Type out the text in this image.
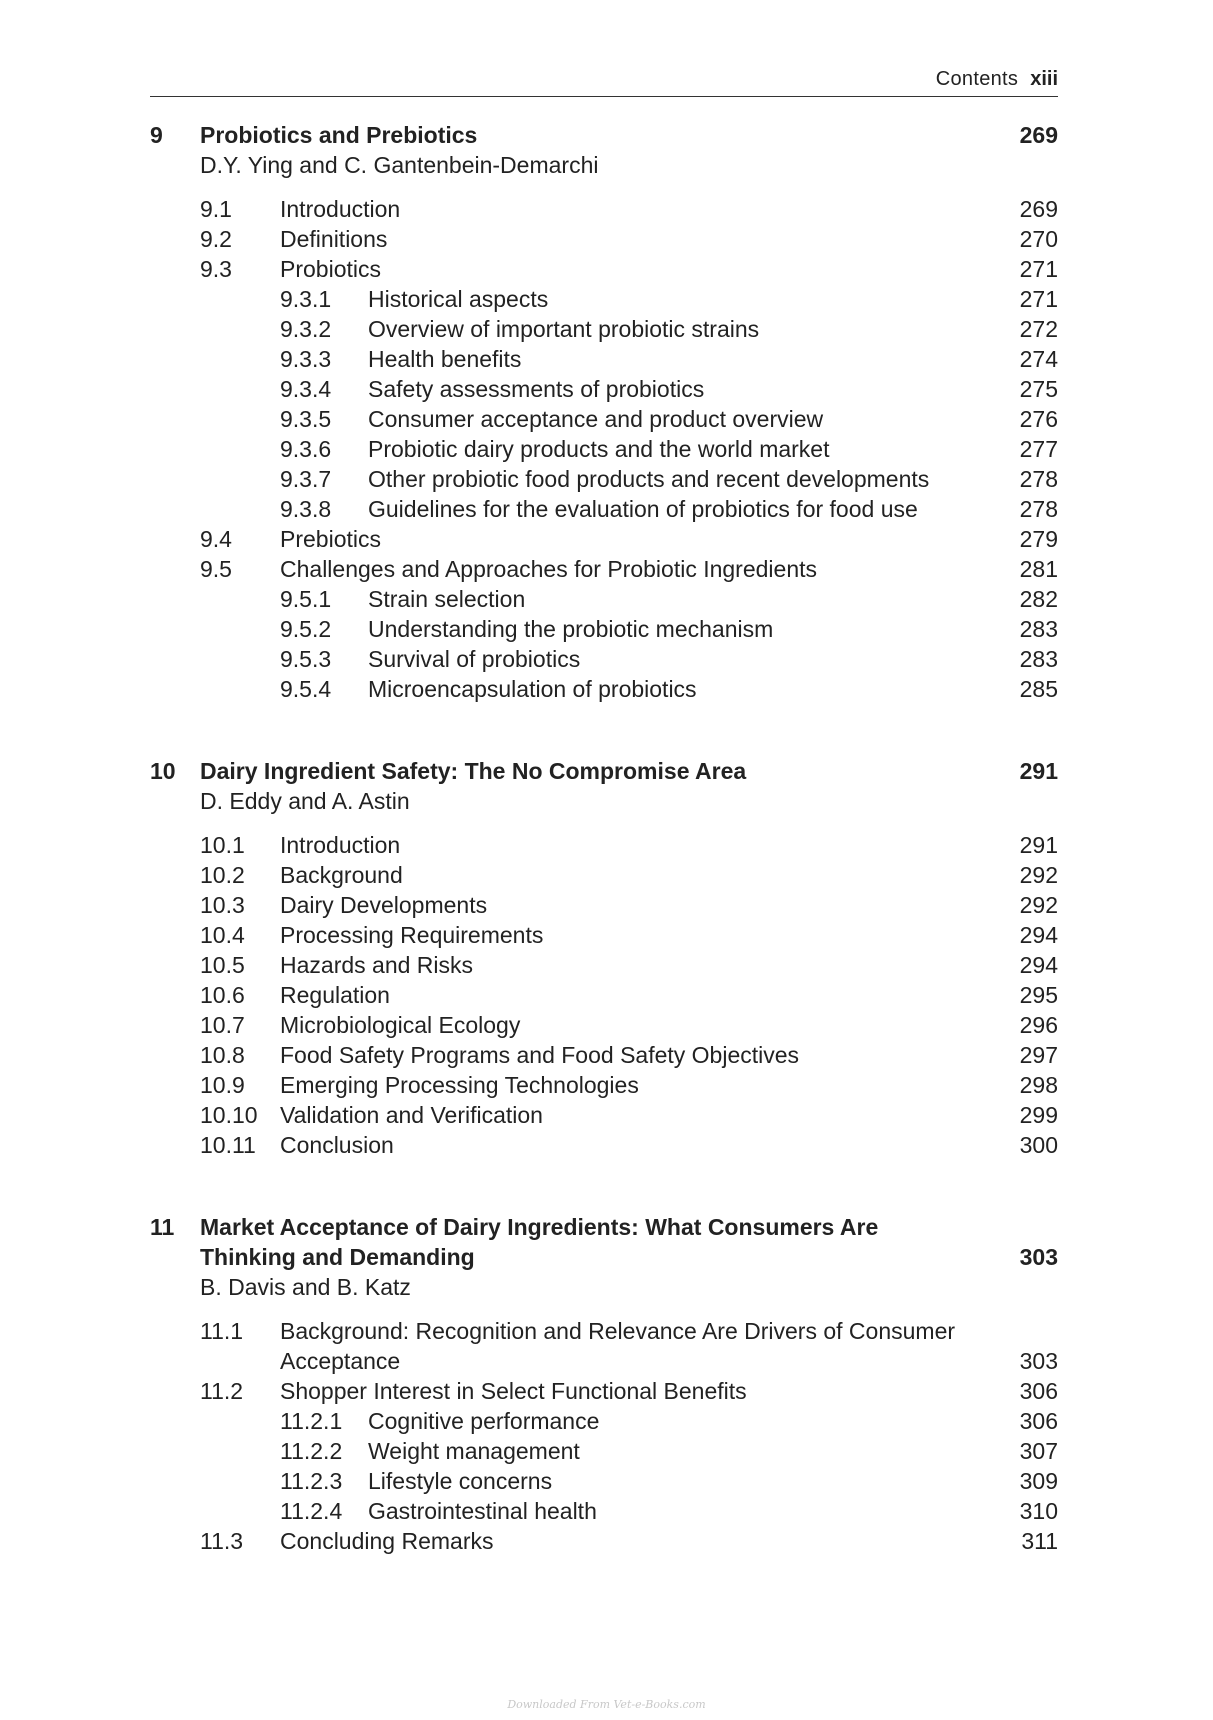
Contents xiii
9 Probiotics and Prebiotics	269
D.Y. Ying and C. Gantenbein-Demarchi
9.1 Introduction	269
9.2 Definitions	270
9.3 Probiotics	271
9.3.1 Historical aspects	271
9.3.2 Overview of important probiotic strains	272
9.3.3 Health benefits	274
9.3.4 Safety assessments of probiotics	275
9.3.5 Consumer acceptance and product overview	276
9.3.6 Probiotic dairy products and the world market	277
9.3.7 Other probiotic food products and recent developments	278
9.3.8 Guidelines for the evaluation of probiotics for food use	278
9.4 Prebiotics	279
9.5 Challenges and Approaches for Probiotic Ingredients	281
9.5.1 Strain selection	282
9.5.2 Understanding the probiotic mechanism	283
9.5.3 Survival of probiotics	283
9.5.4 Microencapsulation of probiotics	285
10 Dairy Ingredient Safety: The No Compromise Area	291
D. Eddy and A. Astin
10.1 Introduction	291
10.2 Background	292
10.3 Dairy Developments	292
10.4 Processing Requirements	294
10.5 Hazards and Risks	294
10.6 Regulation	295
10.7 Microbiological Ecology	296
10.8 Food Safety Programs and Food Safety Objectives	297
10.9 Emerging Processing Technologies	298
10.10 Validation and Verification	299
10.11 Conclusion	300
11 Market Acceptance of Dairy Ingredients: What Consumers Are Thinking and Demanding	303
B. Davis and B. Katz
11.1 Background: Recognition and Relevance Are Drivers of Consumer Acceptance	303
11.2 Shopper Interest in Select Functional Benefits	306
11.2.1 Cognitive performance	306
11.2.2 Weight management	307
11.2.3 Lifestyle concerns	309
11.2.4 Gastrointestinal health	310
11.3 Concluding Remarks	311
Downloaded From Vet-e-Books.com
